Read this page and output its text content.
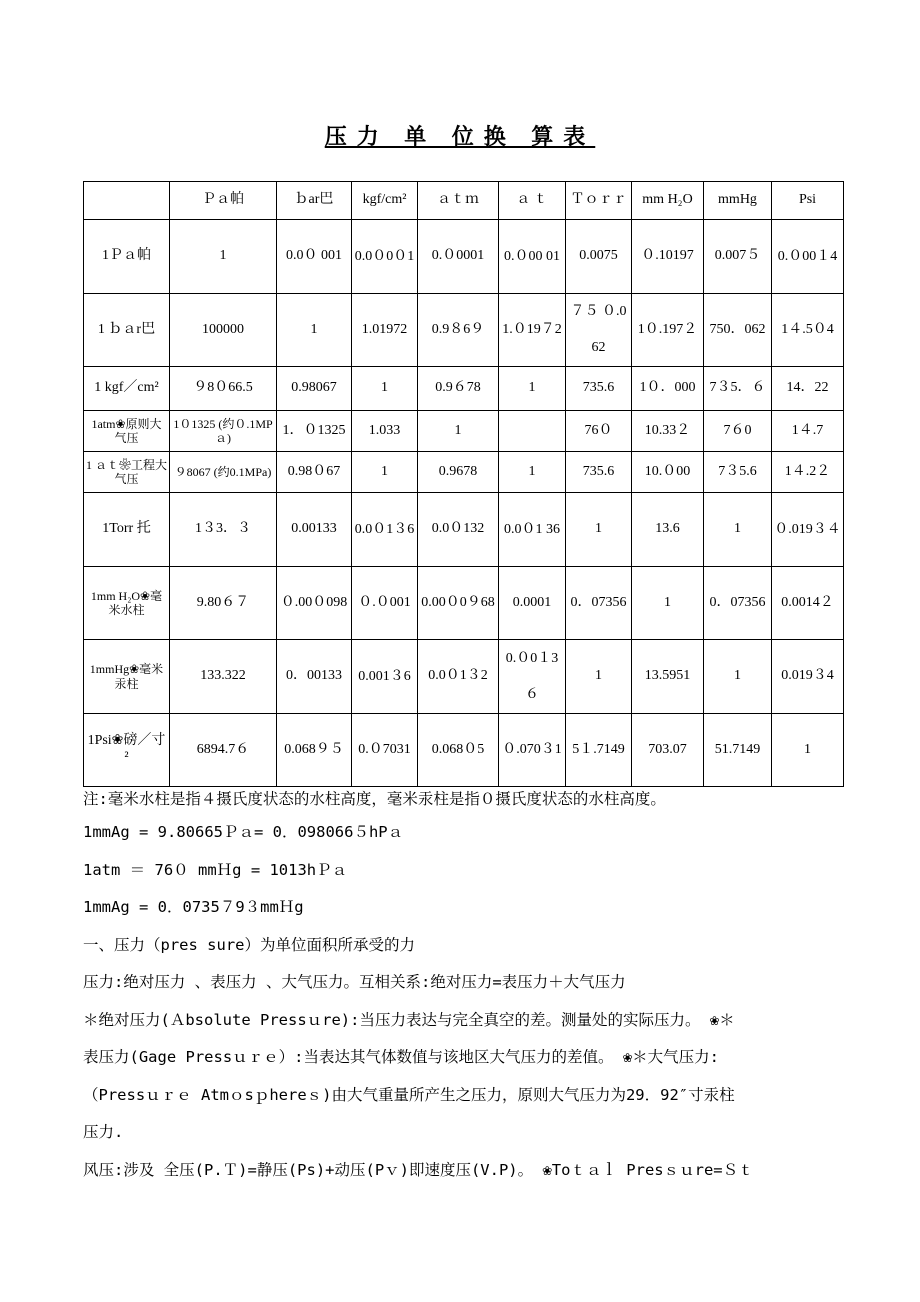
压力 单 位换 算表
	Ｐａ帕	ｂar巴	kgf/cm²	ａｔｍ	ａ ｔ	Ｔｏｒｒ	mm H₂O	mmHg	Psi
1Ｐａ帕	1	0.0０ 001	0.0０0０1	0.０0001	0.０00 01	0.0075	０.10197	0.007５	0.０00１4
1 ｂａr巴	100000	1	1.01972	0.9８6９	1.０19７2	７５ ０.062	1０.197２	750．062	1４.5０4
1 kgf／cm²	９8０66.5	0.98067	1	0.9６78	1	735.6	1０．000	7３5．６	14．22
1atm❀原则大气压	1０1325 (约０.1MPａ)	1．０1325	1.033	1		76０	10.33２	7６0	1４.7
1 ａｔ❀工程大气压	９8067 (约0.1MPa)	0.98０67	1	0.9678	1	735.6	10.０00	7３5.6	1４.2２
1Torr 托	1３3．３	0.00133	0.0０1３6	0.0０132	0.0０1 36	1	13.6	1	０.019３４
1mm H₂O❀毫米水柱	9.80６７	０.00０098	０.０001	0.00０0９68	0.0001	0．07356	1	0．07356	0.0014２
1mmHg❀毫米汞柱	133.322	0．00133	0.001３6	0.0０1３2	0.０0１3６	1	13.5951	1	0.019３4
1Psi❀磅／寸²	6894.7６	0.068９５	0.０7031	0.068０5	０.070３1	5１.7149	703.07	51.7149	1

注:毫米水柱是指４摄氏度状态的水柱高度，毫米汞柱是指０摄氏度状态的水柱高度。

1mmAg = 9.80665Ｐａ= 0．098066５hPａ

1atm ＝ 76０ mmＨg = 1013hＰａ

1mmAg = 0．0735７9３mmＨg

一、压力（pres sure）为单位面积所承受的力

压力:绝对压力 、表压力 、大气压力。互相关系:绝对压力=表压力＋大气压力

＊绝对压力(Ａbsolute Pressｕre):当压力表达与完全真空的差。测量处的实际压力。 ❀＊

表压力(Gage Pressｕｒｅ）:当表达其气体数值与该地区大气压力的差值。 ❀＊大气压力:

（Pressｕｒｅ Atmｏsｐhereｓ)由大气重量所产生之压力，原则大气压力为29．92″寸汞柱

压力.

风压:涉及 全压(P.Ｔ)=静压(Ps)+动压(Pｖ)即速度压(V.P)。 ❀Toｔａｌ Presｓｕre=Ｓｔ
